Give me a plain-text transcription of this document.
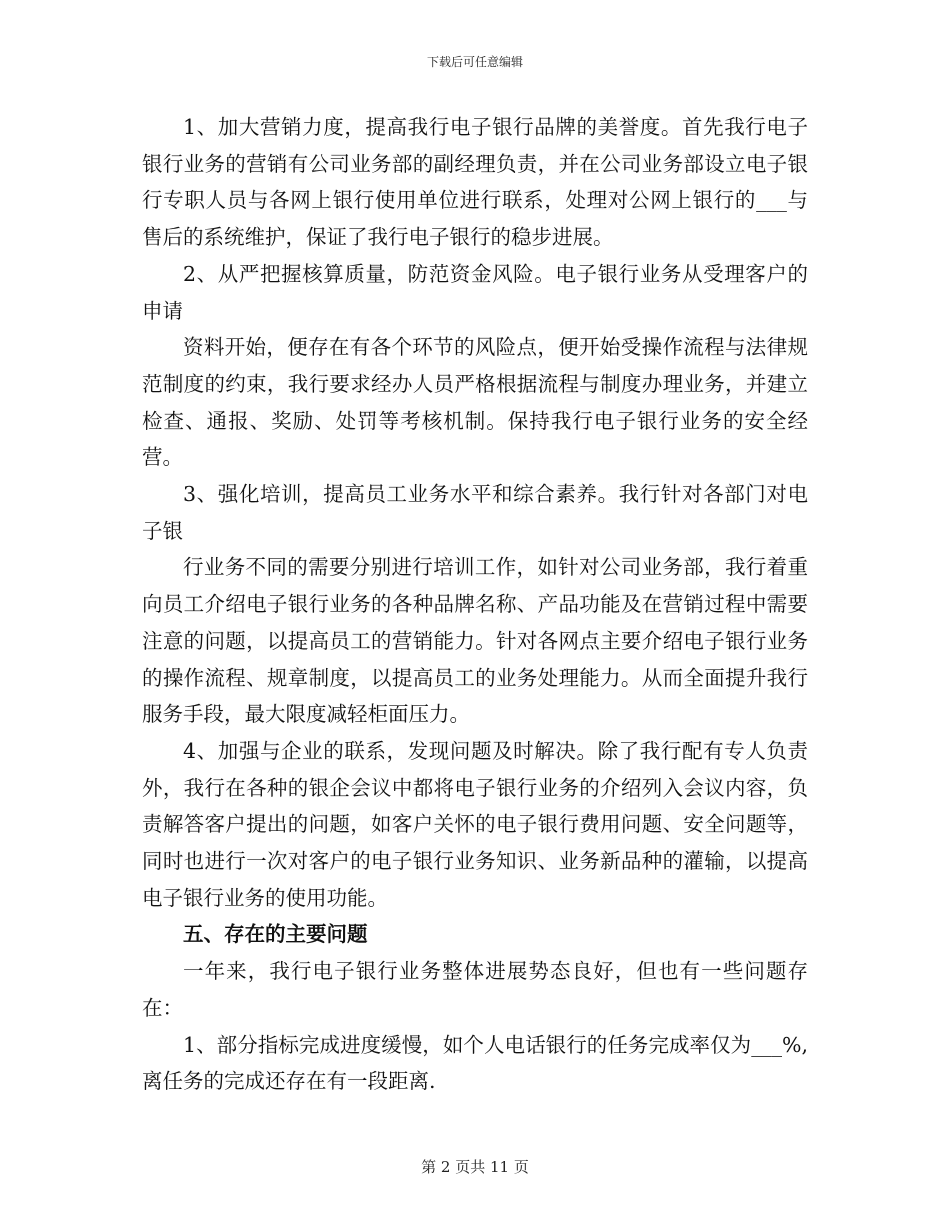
下载后可任意编辑

1、加大营销力度，提高我行电子银行品牌的美誉度。首先我行电子银行业务的营销有公司业务部的副经理负责，并在公司业务部设立电子银行专职人员与各网上银行使用单位进行联系，处理对公网上银行的___与售后的系统维护，保证了我行电子银行的稳步进展。

2、从严把握核算质量，防范资金风险。电子银行业务从受理客户的申请

资料开始，便存在有各个环节的风险点，便开始受操作流程与法律规范制度的约束，我行要求经办人员严格根据流程与制度办理业务，并建立检查、通报、奖励、处罚等考核机制。保持我行电子银行业务的安全经营。

3、强化培训，提高员工业务水平和综合素养。我行针对各部门对电子银

行业务不同的需要分别进行培训工作，如针对公司业务部，我行着重向员工介绍电子银行业务的各种品牌名称、产品功能及在营销过程中需要注意的问题，以提高员工的营销能力。针对各网点主要介绍电子银行业务的操作流程、规章制度，以提高员工的业务处理能力。从而全面提升我行服务手段，最大限度减轻柜面压力。

4、加强与企业的联系，发现问题及时解决。除了我行配有专人负责外，我行在各种的银企会议中都将电子银行业务的介绍列入会议内容，负责解答客户提出的问题，如客户关怀的电子银行费用问题、安全问题等，同时也进行一次对客户的电子银行业务知识、业务新品种的灌输，以提高电子银行业务的使用功能。

五、存在的主要问题

一年来，我行电子银行业务整体进展势态良好，但也有一些问题存在：

1、部分指标完成进度缓慢，如个人电话银行的任务完成率仅为___%,离任务的完成还存在有一段距离.

第 2 页共 11 页
